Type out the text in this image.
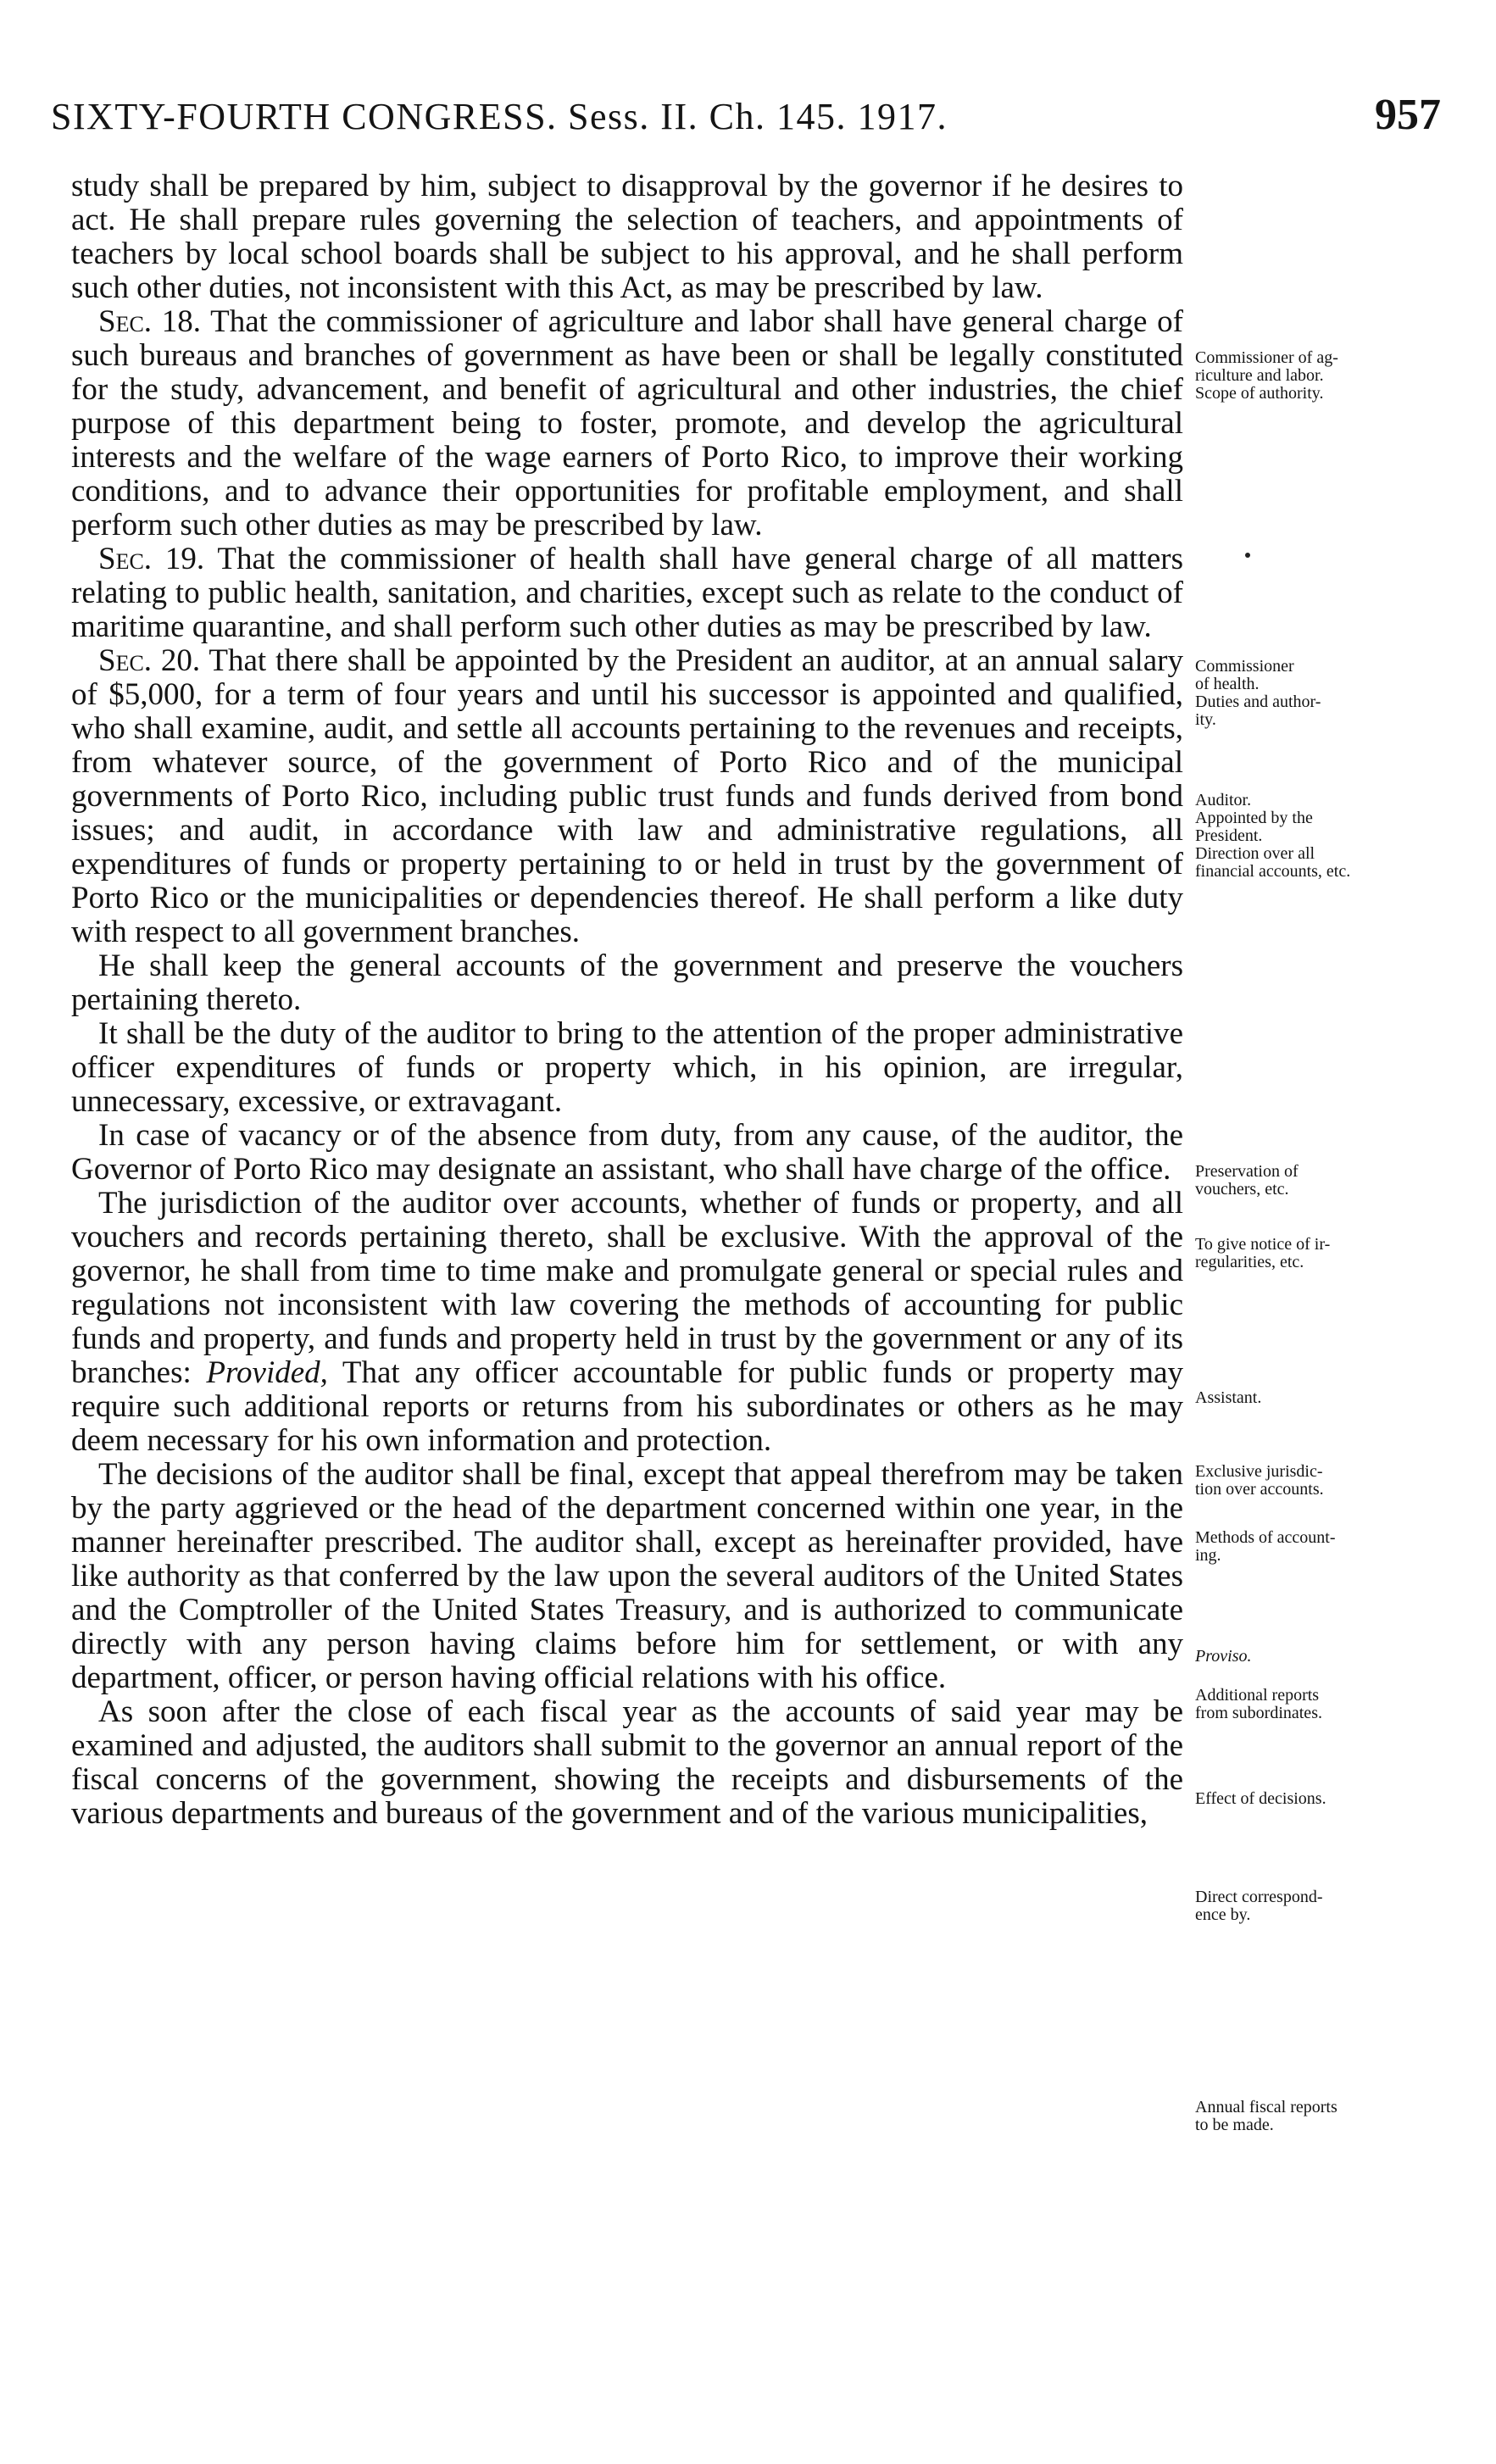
SIXTY-FOURTH CONGRESS. Sess. II. Ch. 145. 1917.	957

study shall be prepared by him, subject to disapproval by the governor if he desires to act. He shall prepare rules governing the selection of teachers, and appointments of teachers by local school boards shall be subject to his approval, and he shall perform such other duties, not inconsistent with this Act, as may be prescribed by law.

Sec. 18. That the commissioner of agriculture and labor shall have general charge of such bureaus and branches of government as have been or shall be legally constituted for the study, advancement, and benefit of agricultural and other industries, the chief purpose of this department being to foster, promote, and develop the agricultural interests and the welfare of the wage earners of Porto Rico, to improve their working conditions, and to advance their opportunities for profitable employment, and shall perform such other duties as may be prescribed by law.

Sec. 19. That the commissioner of health shall have general charge of all matters relating to public health, sanitation, and charities, except such as relate to the conduct of maritime quarantine, and shall perform such other duties as may be prescribed by law.

Sec. 20. That there shall be appointed by the President an auditor, at an annual salary of $5,000, for a term of four years and until his successor is appointed and qualified, who shall examine, audit, and settle all accounts pertaining to the revenues and receipts, from whatever source, of the government of Porto Rico and of the municipal governments of Porto Rico, including public trust funds and funds derived from bond issues; and audit, in accordance with law and administrative regulations, all expenditures of funds or property pertaining to or held in trust by the government of Porto Rico or the municipalities or dependencies thereof. He shall perform a like duty with respect to all government branches.

He shall keep the general accounts of the government and preserve the vouchers pertaining thereto.

It shall be the duty of the auditor to bring to the attention of the proper administrative officer expenditures of funds or property which, in his opinion, are irregular, unnecessary, excessive, or extravagant.

In case of vacancy or of the absence from duty, from any cause, of the auditor, the Governor of Porto Rico may designate an assistant, who shall have charge of the office.

The jurisdiction of the auditor over accounts, whether of funds or property, and all vouchers and records pertaining thereto, shall be exclusive. With the approval of the governor, he shall from time to time make and promulgate general or special rules and regulations not inconsistent with law covering the methods of accounting for public funds and property, and funds and property held in trust by the government or any of its branches: Provided, That any officer accountable for public funds or property may require such additional reports or returns from his subordinates or others as he may deem necessary for his own information and protection.

The decisions of the auditor shall be final, except that appeal therefrom may be taken by the party aggrieved or the head of the department concerned within one year, in the manner hereinafter prescribed. The auditor shall, except as hereinafter provided, have like authority as that conferred by the law upon the several auditors of the United States and the Comptroller of the United States Treasury, and is authorized to communicate directly with any person having claims before him for settlement, or with any department, officer, or person having official relations with his office.

As soon after the close of each fiscal year as the accounts of said year may be examined and adjusted, the auditors shall submit to the governor an annual report of the fiscal concerns of the government, showing the receipts and disbursements of the various departments and bureaus of the government and of the various municipalities,

Commissioner of ag-
riculture and labor.
Scope of authority.
Commissioner
of health.
Duties and author-
ity.
Auditor.
Appointed by the
President.
Direction over all
financial accounts, etc.
Preservation of
vouchers, etc.
To give notice of ir-
regularities, etc.
Assistant.
Exclusive jurisdic-
tion over accounts.
Methods of account-
ing.
Proviso.
Additional reports
from subordinates.
Effect of decisions.
Direct correspond-
ence by.
Annual fiscal reports
to be made.
